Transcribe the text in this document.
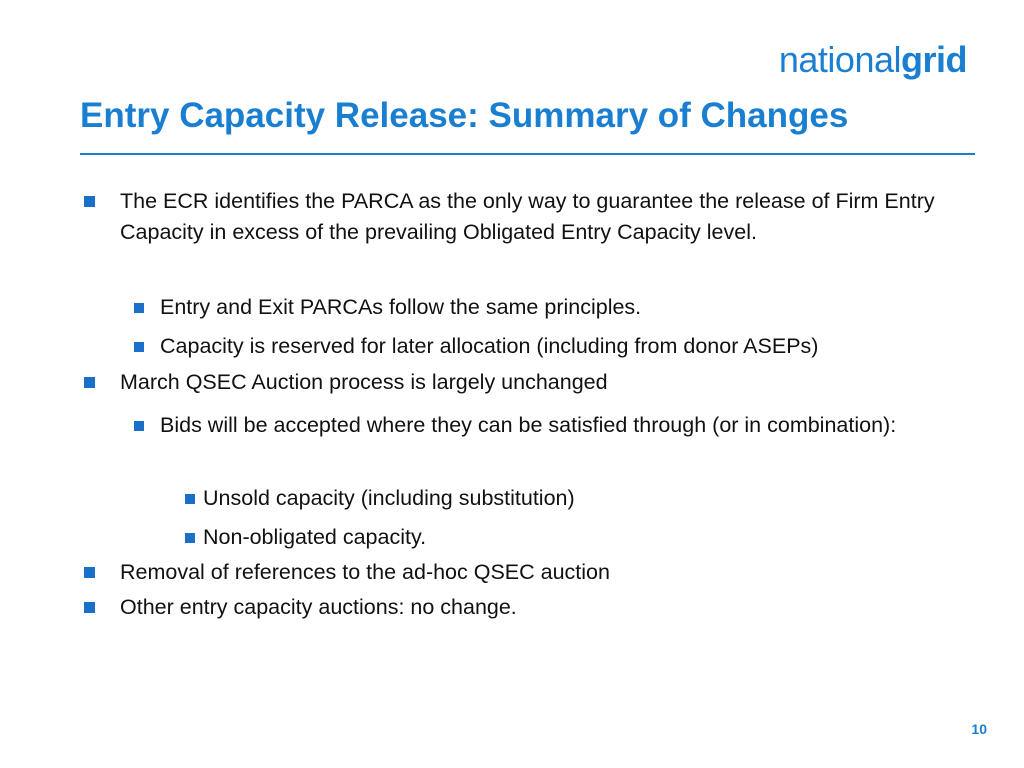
nationalgrid
Entry Capacity Release: Summary of Changes
The ECR identifies the PARCA as the only way to guarantee the release of Firm Entry Capacity in excess of the prevailing Obligated Entry Capacity level.
Entry and Exit PARCAs follow the same principles.
Capacity is reserved for later allocation (including from donor ASEPs)
March QSEC Auction process is largely unchanged
Bids will be accepted where they can be satisfied through (or in combination):
Unsold capacity (including substitution)
Non-obligated capacity.
Removal of references to the ad-hoc QSEC auction
Other entry capacity auctions: no change.
10
